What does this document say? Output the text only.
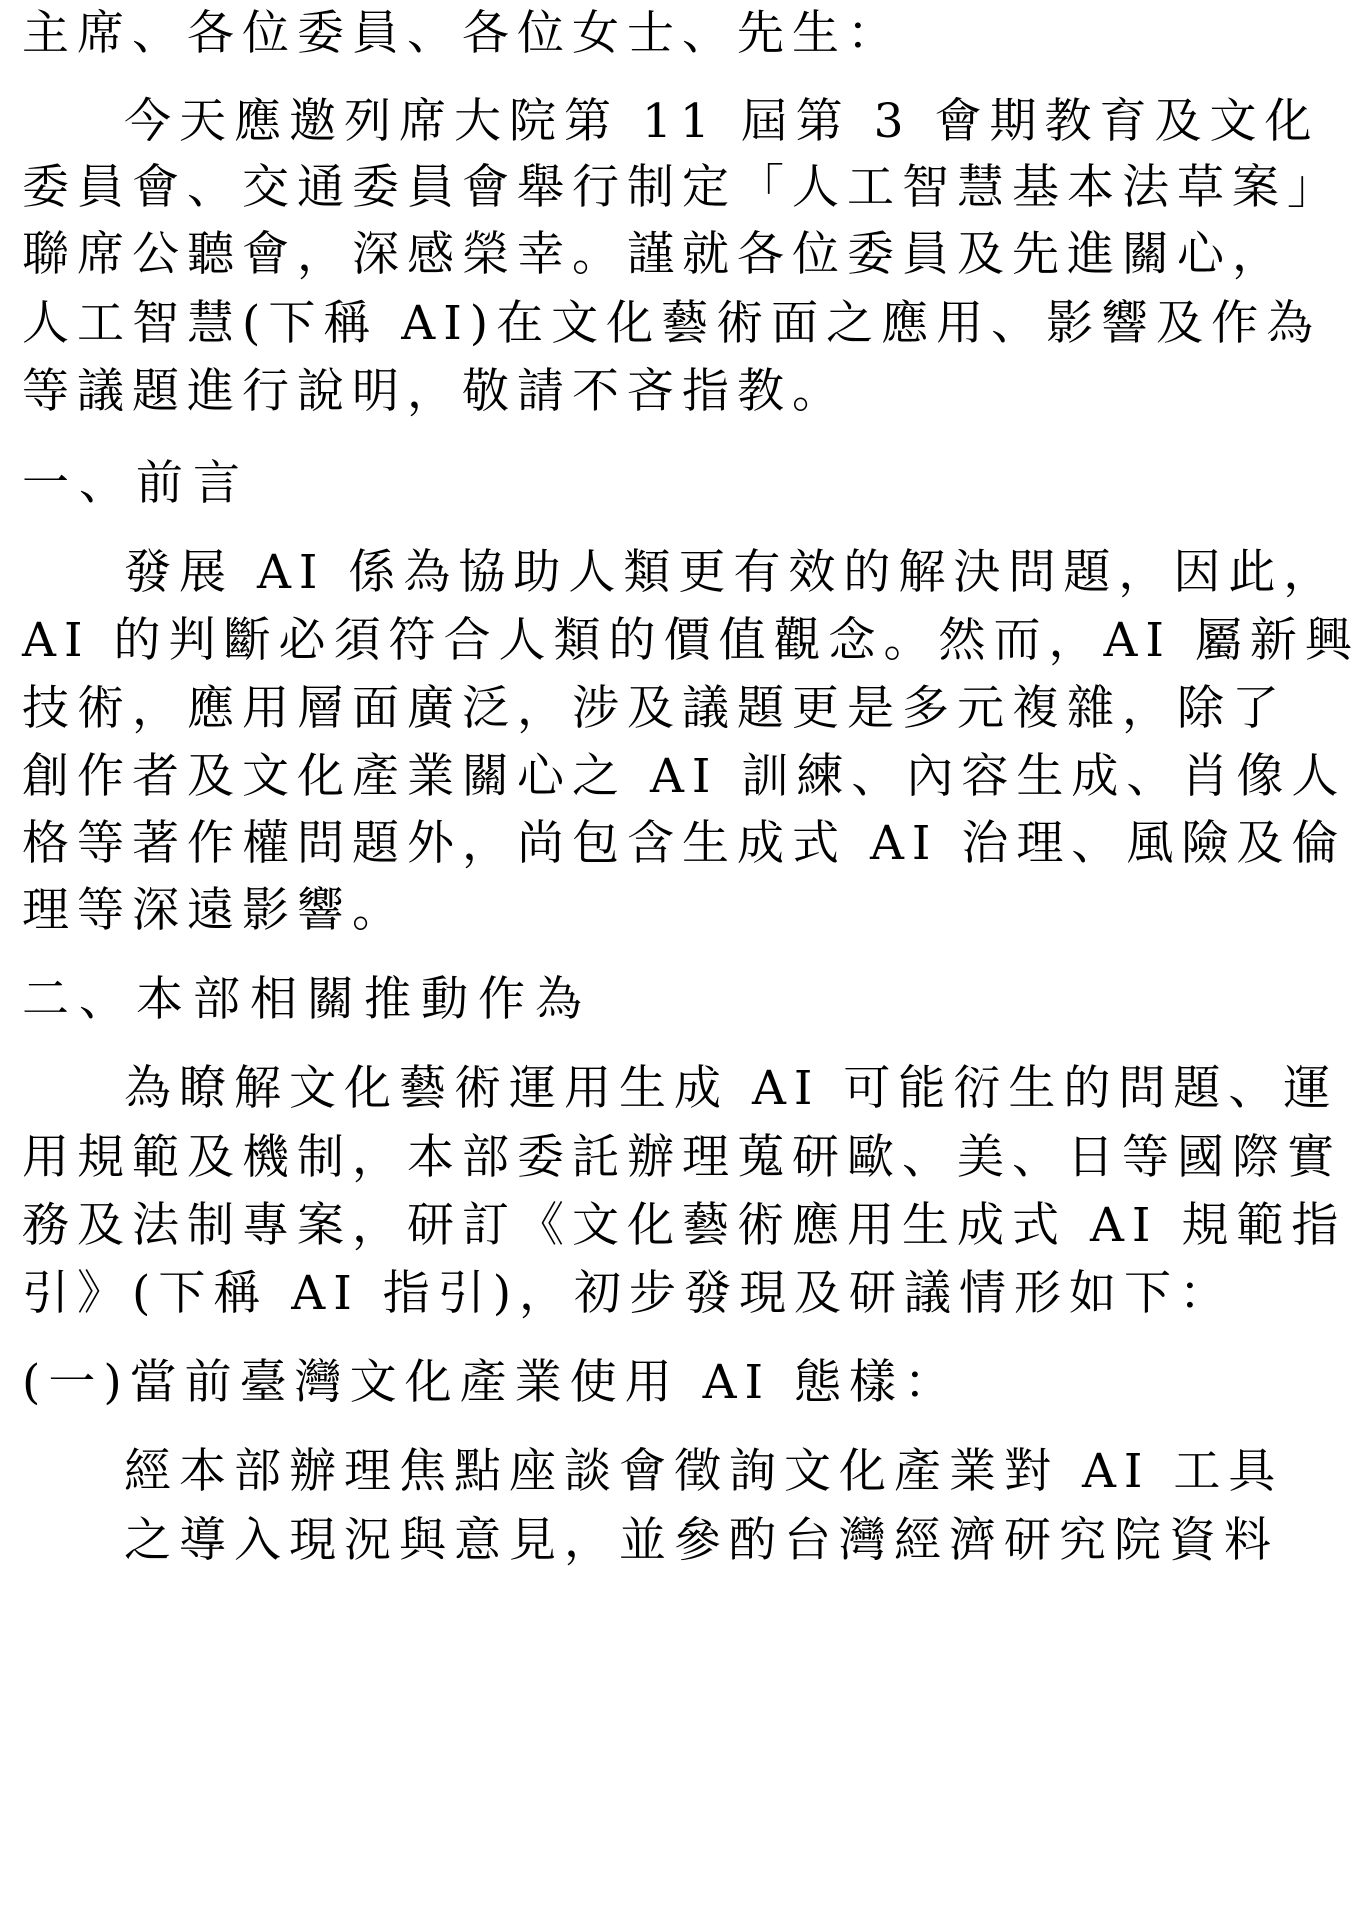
主席、各位委員、各位女士、先生：

今天應邀列席大院第 11 屆第 3 會期教育及文化

委員會、交通委員會舉行制定「人工智慧基本法草案」

聯席公聽會，深感榮幸。謹就各位委員及先進關心，

人工智慧(下稱 AI)在文化藝術面之應用、影響及作為

等議題進行說明，敬請不吝指教。

一、前言

發展 AI 係為協助人類更有效的解決問題，因此，

AI 的判斷必須符合人類的價值觀念。然而，AI 屬新興

技術，應用層面廣泛，涉及議題更是多元複雜，除了

創作者及文化產業關心之 AI 訓練、內容生成、肖像人

格等著作權問題外，尚包含生成式 AI 治理、風險及倫

理等深遠影響。

二、本部相關推動作為

為瞭解文化藝術運用生成 AI 可能衍生的問題、運

用規範及機制，本部委託辦理蒐研歐、美、日等國際實

務及法制專案，研訂《文化藝術應用生成式 AI 規範指

引》(下稱 AI 指引)，初步發現及研議情形如下：

(一)當前臺灣文化產業使用 AI 態樣：

經本部辦理焦點座談會徵詢文化產業對 AI 工具

之導入現況與意見，並參酌台灣經濟研究院資料
